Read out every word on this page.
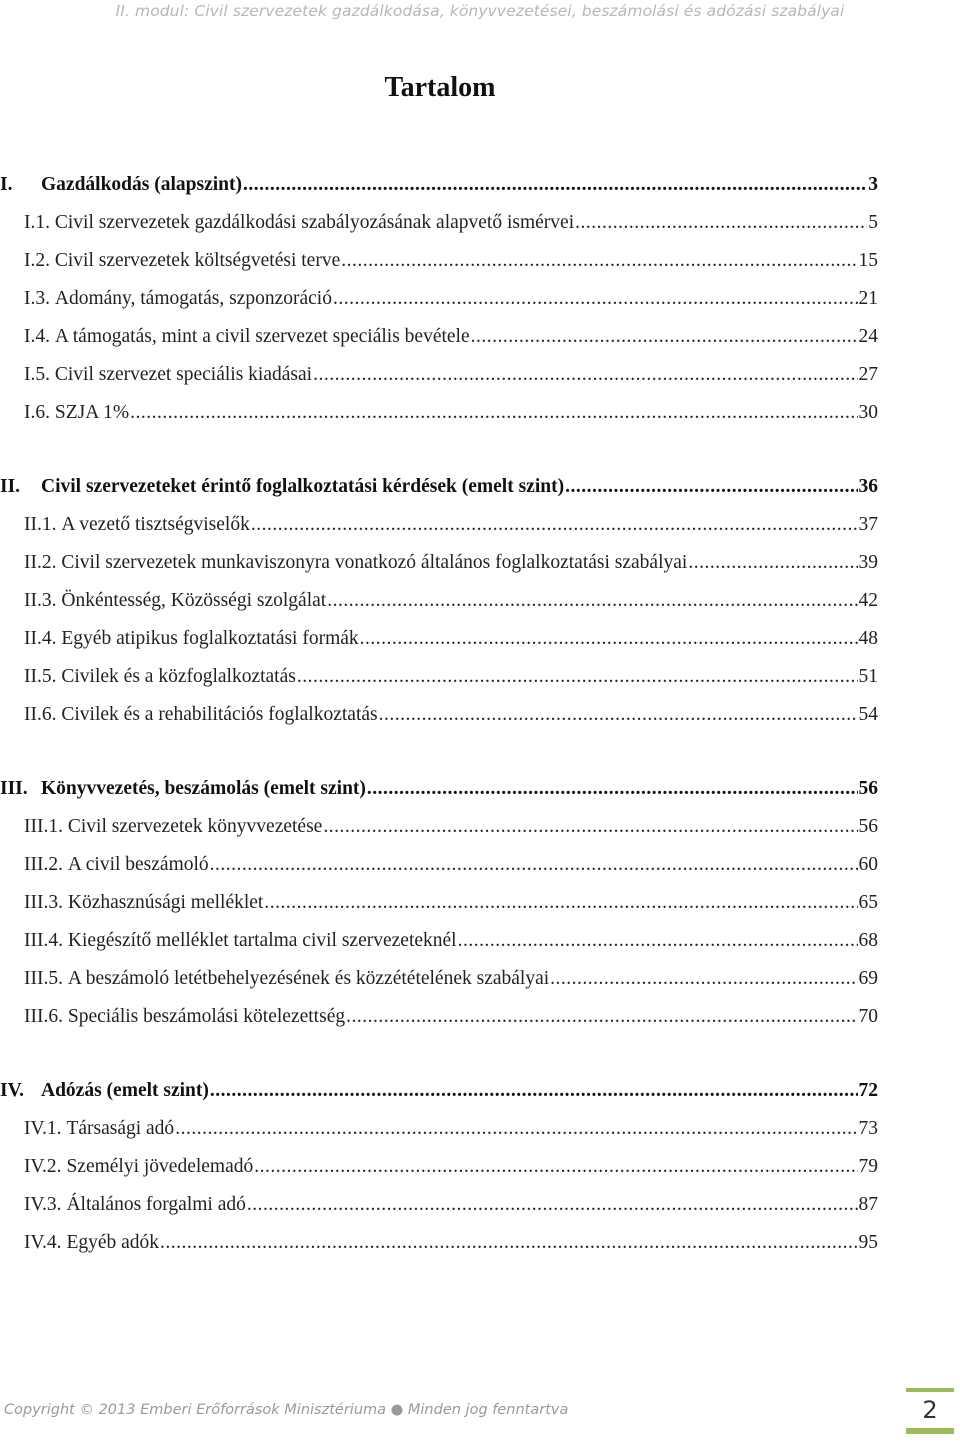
II. modul: Civil szervezetek gazdálkodása, könyvvezetései, beszámolási és adózási szabályai
Tartalom
I.	Gazdálkodás (alapszint) .....	3
I.1. Civil szervezetek gazdálkodási szabályozásának alapvető ismérvei .....	5
I.2. Civil szervezetek költségvetési terve .....	15
I.3. Adomány, támogatás, szponzoráció .....	21
I.4. A támogatás, mint a civil szervezet speciális bevétele .....	24
I.5. Civil szervezet speciális kiadásai .....	27
I.6. SZJA 1% .....	30
II.	Civil szervezeteket érintő foglalkoztatási kérdések (emelt szint) .....	36
II.1. A vezető tisztségviselők .....	37
II.2. Civil szervezetek munkaviszonyra vonatkozó általános foglalkoztatási szabályai .....	39
II.3. Önkéntesség, Közösségi szolgálat .....	42
II.4. Egyéb atipikus foglalkoztatási formák .....	48
II.5. Civilek és a közfoglalkoztatás .....	51
II.6. Civilek és a rehabilitációs foglalkoztatás .....	54
III. Könyvvezetés, beszámolás (emelt szint) .....	56
III.1. Civil szervezetek könyvvezetése .....	56
III.2. A civil beszámoló .....	60
III.3. Közhasznúsági melléklet .....	65
III.4. Kiegészítő melléklet tartalma civil szervezeteknél .....	68
III.5. A beszámoló letétbehelyezésének és közzétételének szabályai .....	69
III.6. Speciális beszámolási kötelezettség .....	70
IV. Adózás (emelt szint) .....	72
IV.1. Társasági adó .....	73
IV.2. Személyi jövedelemadó .....	79
IV.3. Általános forgalmi adó .....	87
IV.4. Egyéb adók .....	95
Copyright © 2013 Emberi Erőforrások Minisztériuma ● Minden jog fenntartva	2
